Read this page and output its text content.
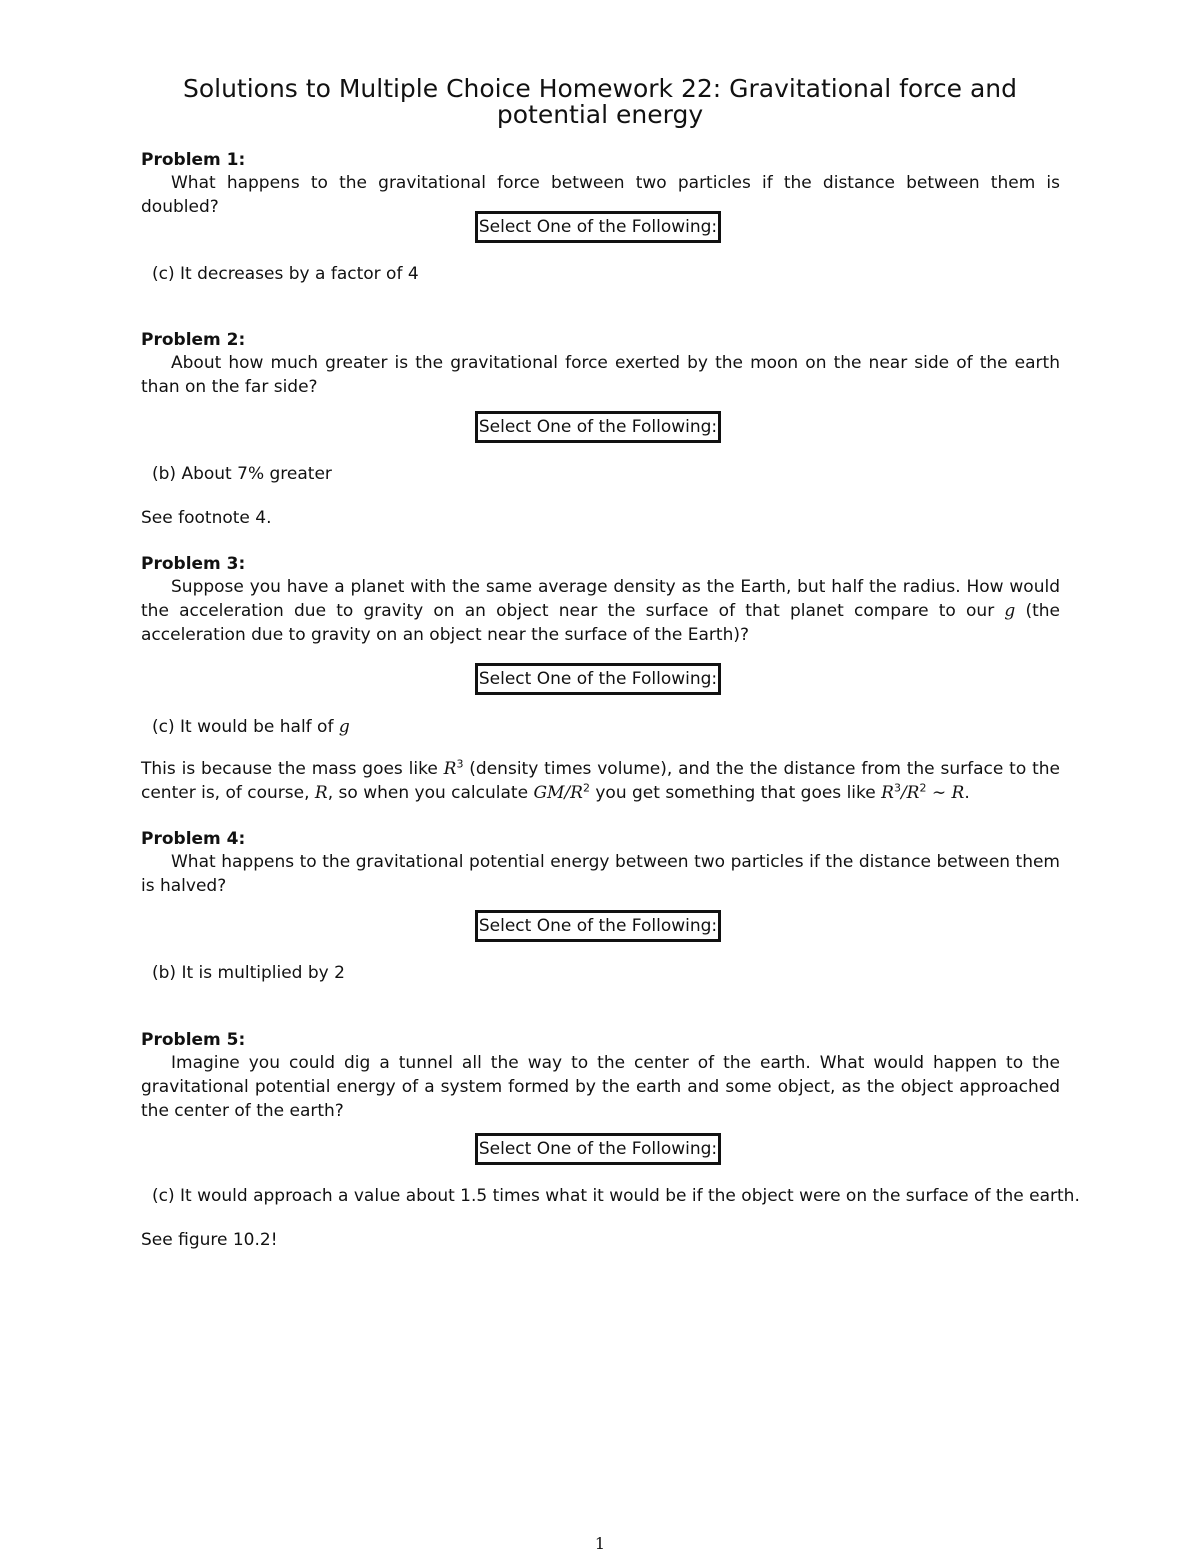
Solutions to Multiple Choice Homework 22: Gravitational force and potential energy
Problem 1:
What happens to the gravitational force between two particles if the distance between them is doubled?
Select One of the Following:
(c) It decreases by a factor of 4
Problem 2:
About how much greater is the gravitational force exerted by the moon on the near side of the earth than on the far side?
Select One of the Following:
(b) About 7% greater
See footnote 4.
Problem 3:
Suppose you have a planet with the same average density as the Earth, but half the radius. How would the acceleration due to gravity on an object near the surface of that planet compare to our g (the acceleration due to gravity on an object near the surface of the Earth)?
Select One of the Following:
(c) It would be half of g
This is because the mass goes like $R^3$ (density times volume), and the the distance from the surface to the center is, of course, R, so when you calculate $GM/R^2$ you get something that goes like $R^3/R^2$ ∼ R.
Problem 4:
What happens to the gravitational potential energy between two particles if the distance between them is halved?
Select One of the Following:
(b) It is multiplied by 2
Problem 5:
Imagine you could dig a tunnel all the way to the center of the earth. What would happen to the gravitational potential energy of a system formed by the earth and some object, as the object approached the center of the earth?
Select One of the Following:
(c) It would approach a value about 1.5 times what it would be if the object were on the surface of the earth.
See figure 10.2!
1
